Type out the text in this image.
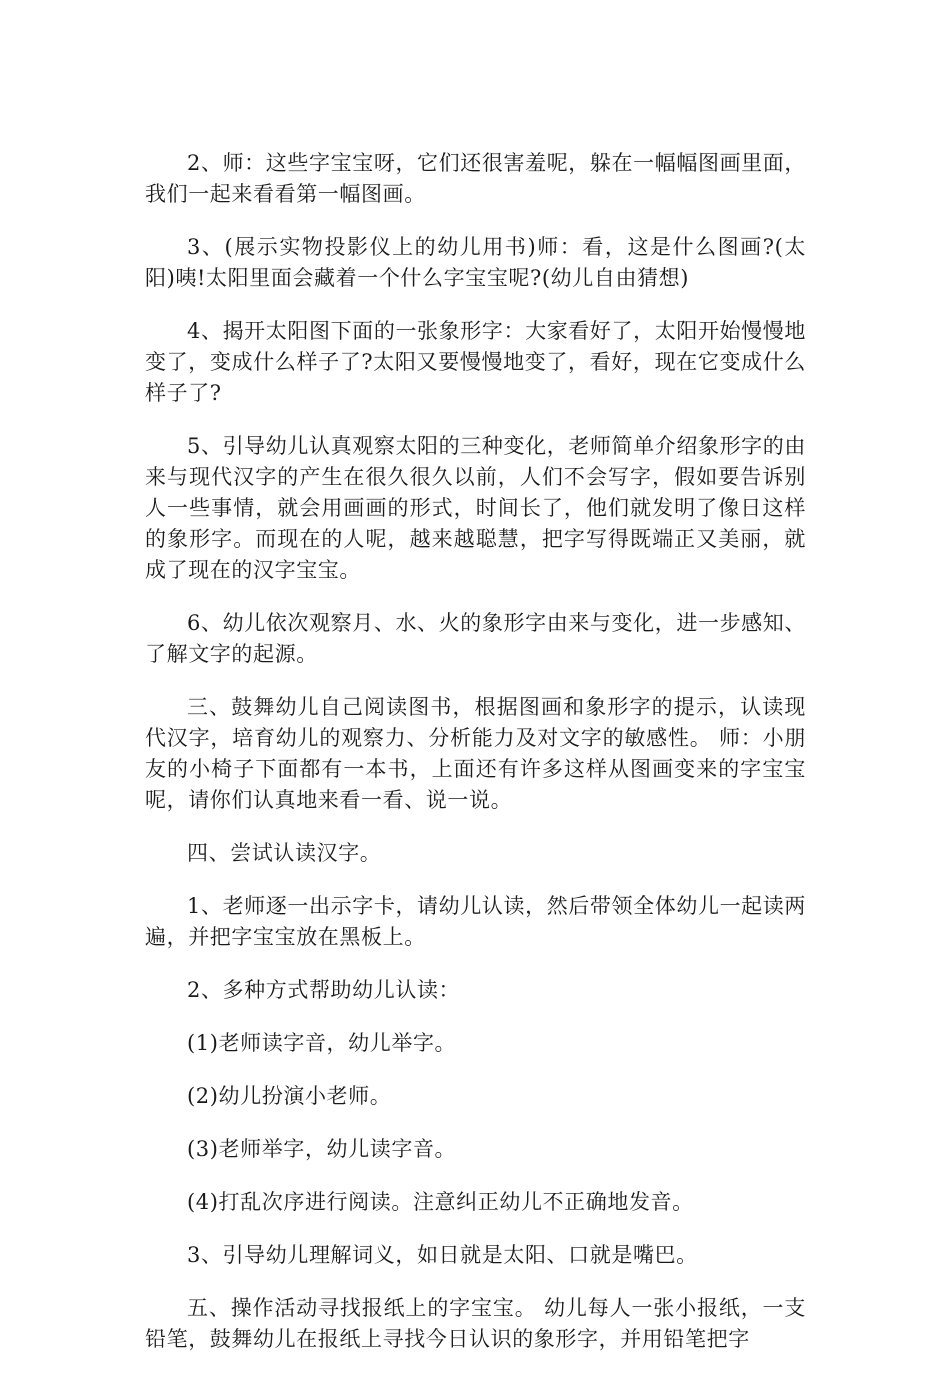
2、师：这些字宝宝呀，它们还很害羞呢，躲在一幅幅图画里面，我们一起来看看第一幅图画。

3、(展示实物投影仪上的幼儿用书)师：看，这是什么图画?(太阳)咦!太阳里面会藏着一个什么字宝宝呢?(幼儿自由猜想)

4、揭开太阳图下面的一张象形字：大家看好了，太阳开始慢慢地变了，变成什么样子了?太阳又要慢慢地变了，看好，现在它变成什么样子了?

5、引导幼儿认真观察太阳的三种变化，老师简单介绍象形字的由来与现代汉字的产生在很久很久以前，人们不会写字，假如要告诉别人一些事情，就会用画画的形式，时间长了，他们就发明了像日这样的象形字。而现在的人呢，越来越聪慧，把字写得既端正又美丽，就成了现在的汉字宝宝。

6、幼儿依次观察月、水、火的象形字由来与变化，进一步感知、了解文字的起源。

三、鼓舞幼儿自己阅读图书，根据图画和象形字的提示，认读现代汉字，培育幼儿的观察力、分析能力及对文字的敏感性。 师：小朋友的小椅子下面都有一本书，上面还有许多这样从图画变来的字宝宝呢，请你们认真地来看一看、说一说。

四、尝试认读汉字。

1、老师逐一出示字卡，请幼儿认读，然后带领全体幼儿一起读两遍，并把字宝宝放在黑板上。

2、多种方式帮助幼儿认读：

(1)老师读字音，幼儿举字。

(2)幼儿扮演小老师。

(3)老师举字，幼儿读字音。

(4)打乱次序进行阅读。注意纠正幼儿不正确地发音。

3、引导幼儿理解词义，如日就是太阳、口就是嘴巴。

五、操作活动寻找报纸上的字宝宝。 幼儿每人一张小报纸，一支铅笔，鼓舞幼儿在报纸上寻找今日认识的象形字，并用铅笔把字
